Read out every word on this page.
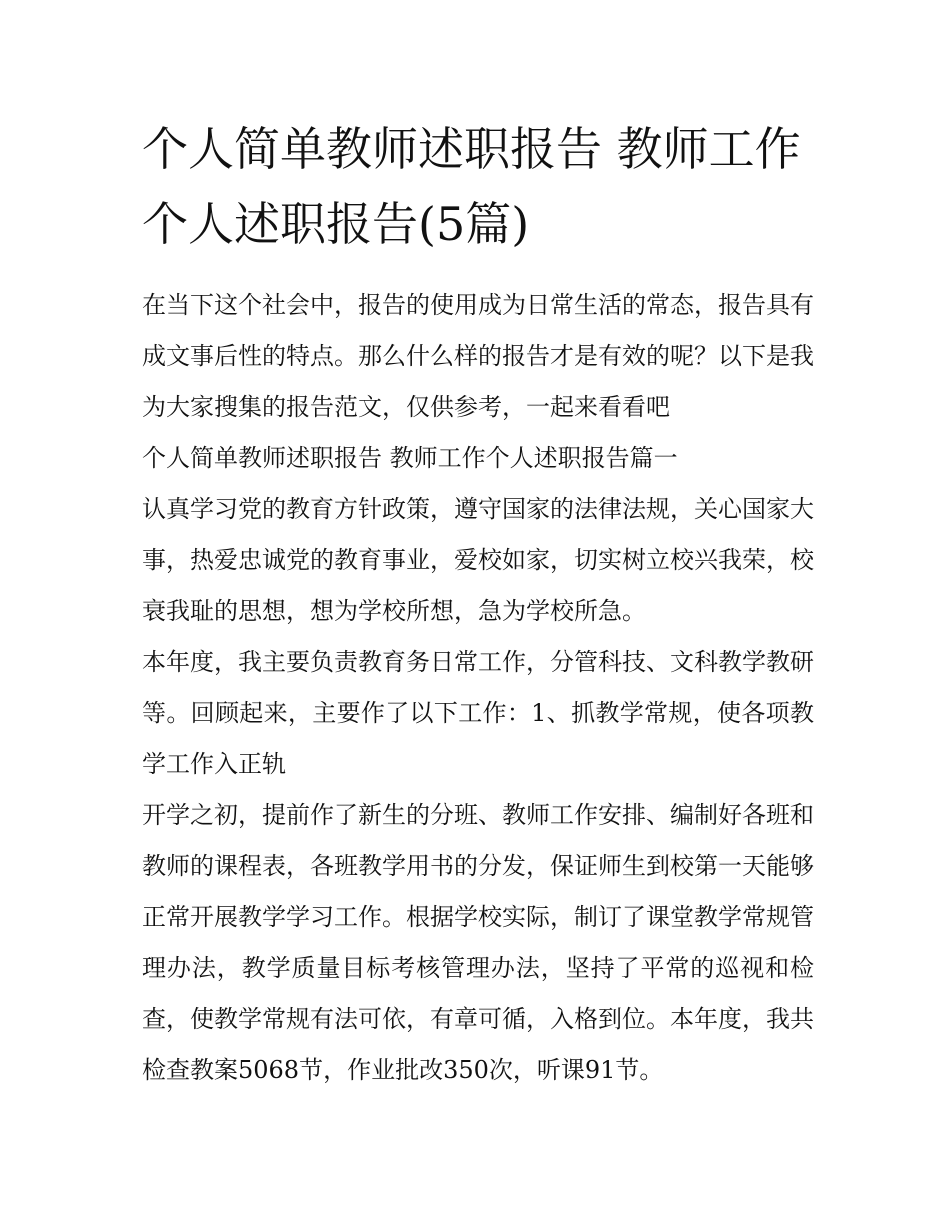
个人简单教师述职报告 教师工作个人述职报告(5篇)

在当下这个社会中，报告的使用成为日常生活的常态，报告具有成文事后性的特点。那么什么样的报告才是有效的呢？以下是我为大家搜集的报告范文，仅供参考，一起来看看吧

个人简单教师述职报告 教师工作个人述职报告篇一

认真学习党的教育方针政策，遵守国家的法律法规，关心国家大事，热爱忠诚党的教育事业，爱校如家，切实树立校兴我荣，校衰我耻的思想，想为学校所想，急为学校所急。

本年度，我主要负责教育务日常工作，分管科技、文科教学教研等。回顾起来，主要作了以下工作：1、抓教学常规，使各项教学工作入正轨

开学之初，提前作了新生的分班、教师工作安排、编制好各班和教师的课程表，各班教学用书的分发，保证师生到校第一天能够正常开展教学学习工作。根据学校实际，制订了课堂教学常规管理办法，教学质量目标考核管理办法，坚持了平常的巡视和检查，使教学常规有法可依，有章可循，入格到位。本年度，我共检查教案5068节，作业批改350次，听课91节。
